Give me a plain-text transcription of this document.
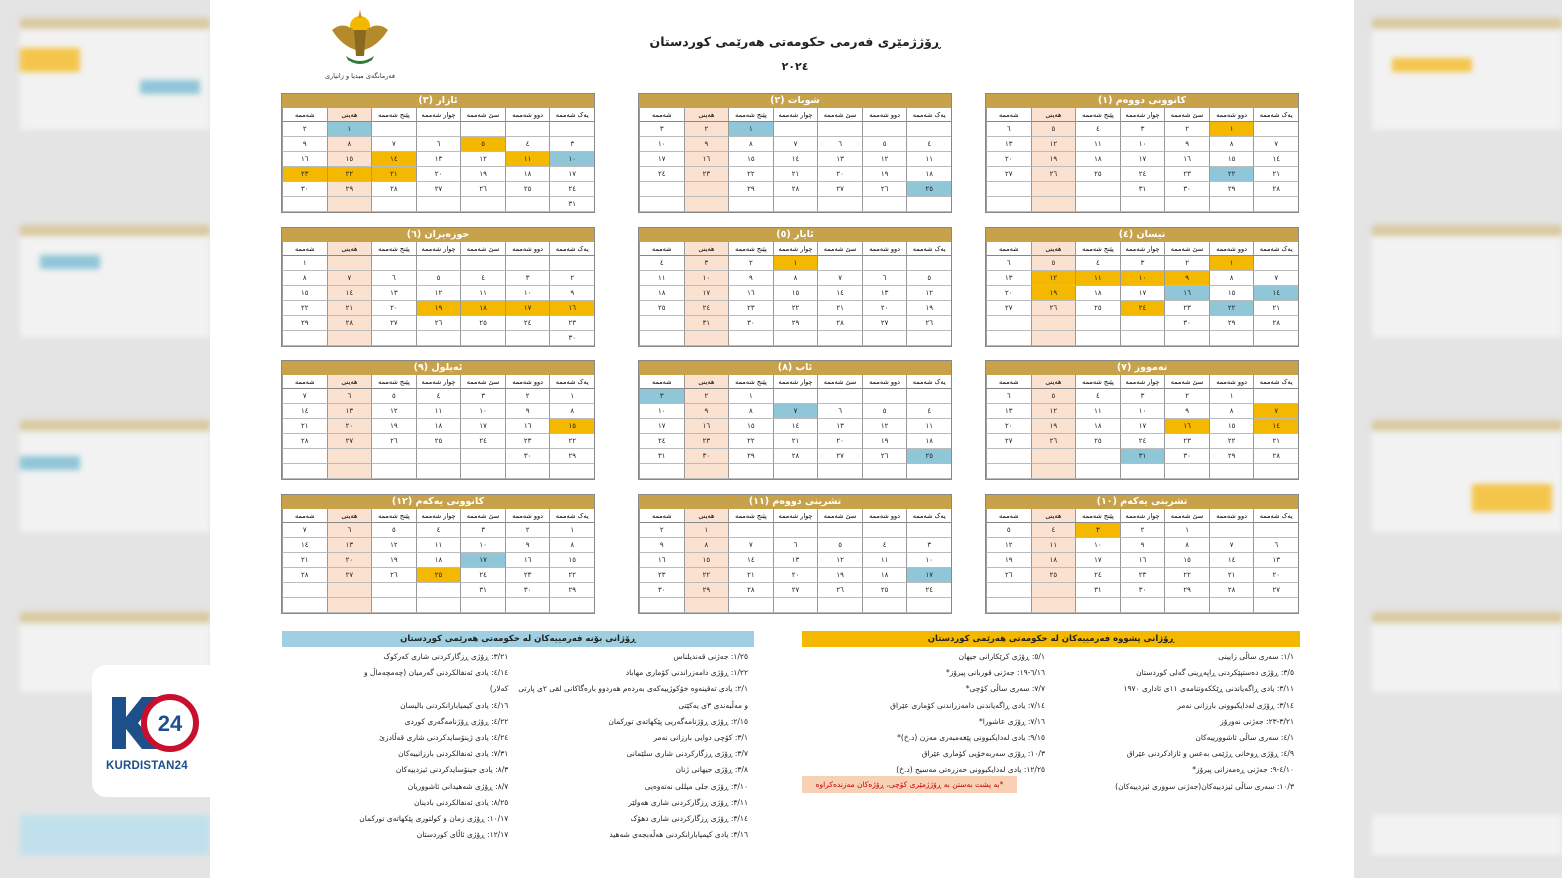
فەرمانگەی میدیا و زانیاری
ڕۆژژمێری فەرمی حکومەتی هەرێمی کوردستان
٢٠٢٤
کانوونی دووەم (١)
یەک شەممە
دوو شەممە
سێ شەممە
چوار شەممە
پێنج شەممە
هەینی
شەممە
١
٢
٣
٤
٥
٦
٧
٨
٩
١٠
١١
١٢
١٣
١٤
١٥
١٦
١٧
١٨
١٩
٢٠
٢١
٢٢
٢٣
٢٤
٢٥
٢٦
٢٧
٢٨
٢٩
٣٠
٣١
شوبات (٢)
یەک شەممە
دوو شەممە
سێ شەممە
چوار شەممە
پێنج شەممە
هەینی
شەممە
١
٢
٣
٤
٥
٦
٧
٨
٩
١٠
١١
١٢
١٣
١٤
١٥
١٦
١٧
١٨
١٩
٢٠
٢١
٢٢
٢٣
٢٤
٢٥
٢٦
٢٧
٢٨
٢٩
ئازار (٣)
یەک شەممە
دوو شەممە
سێ شەممە
چوار شەممە
پێنج شەممە
هەینی
شەممە
١
٢
٣
٤
٥
٦
٧
٨
٩
١٠
١١
١٢
١٣
١٤
١٥
١٦
١٧
١٨
١٩
٢٠
٢١
٢٢
٢٣
٢٤
٢٥
٢٦
٢٧
٢٨
٢٩
٣٠
٣١
نیسان (٤)
یەک شەممە
دوو شەممە
سێ شەممە
چوار شەممە
پێنج شەممە
هەینی
شەممە
١
٢
٣
٤
٥
٦
٧
٨
٩
١٠
١١
١٢
١٣
١٤
١٥
١٦
١٧
١٨
١٩
٢٠
٢١
٢٢
٢٣
٢٤
٢٥
٢٦
٢٧
٢٨
٢٩
٣٠
ئایار (٥)
یەک شەممە
دوو شەممە
سێ شەممە
چوار شەممە
پێنج شەممە
هەینی
شەممە
١
٢
٣
٤
٥
٦
٧
٨
٩
١٠
١١
١٢
١٣
١٤
١٥
١٦
١٧
١٨
١٩
٢٠
٢١
٢٢
٢٣
٢٤
٢٥
٢٦
٢٧
٢٨
٢٩
٣٠
٣١
حوزەیران (٦)
یەک شەممە
دوو شەممە
سێ شەممە
چوار شەممە
پێنج شەممە
هەینی
شەممە
١
٢
٣
٤
٥
٦
٧
٨
٩
١٠
١١
١٢
١٣
١٤
١٥
١٦
١٧
١٨
١٩
٢٠
٢١
٢٢
٢٣
٢٤
٢٥
٢٦
٢٧
٢٨
٢٩
٣٠
تەمووز (٧)
یەک شەممە
دوو شەممە
سێ شەممە
چوار شەممە
پێنج شەممە
هەینی
شەممە
١
٢
٣
٤
٥
٦
٧
٨
٩
١٠
١١
١٢
١٣
١٤
١٥
١٦
١٧
١٨
١٩
٢٠
٢١
٢٢
٢٣
٢٤
٢٥
٢٦
٢٧
٢٨
٢٩
٣٠
٣١
ئاب (٨)
یەک شەممە
دوو شەممە
سێ شەممە
چوار شەممە
پێنج شەممە
هەینی
شەممە
١
٢
٣
٤
٥
٦
٧
٨
٩
١٠
١١
١٢
١٣
١٤
١٥
١٦
١٧
١٨
١٩
٢٠
٢١
٢٢
٢٣
٢٤
٢٥
٢٦
٢٧
٢٨
٢٩
٣٠
٣١
ئەیلول (٩)
یەک شەممە
دوو شەممە
سێ شەممە
چوار شەممە
پێنج شەممە
هەینی
شەممە
١
٢
٣
٤
٥
٦
٧
٨
٩
١٠
١١
١٢
١٣
١٤
١٥
١٦
١٧
١٨
١٩
٢٠
٢١
٢٢
٢٣
٢٤
٢٥
٢٦
٢٧
٢٨
٢٩
٣٠
تشرینی یەکەم (١٠)
یەک شەممە
دوو شەممە
سێ شەممە
چوار شەممە
پێنج شەممە
هەینی
شەممە
١
٢
٣
٤
٥
٦
٧
٨
٩
١٠
١١
١٢
١٣
١٤
١٥
١٦
١٧
١٨
١٩
٢٠
٢١
٢٢
٢٣
٢٤
٢٥
٢٦
٢٧
٢٨
٢٩
٣٠
٣١
تشرینی دووەم (١١)
یەک شەممە
دوو شەممە
سێ شەممە
چوار شەممە
پێنج شەممە
هەینی
شەممە
١
٢
٣
٤
٥
٦
٧
٨
٩
١٠
١١
١٢
١٣
١٤
١٥
١٦
١٧
١٨
١٩
٢٠
٢١
٢٢
٢٣
٢٤
٢٥
٢٦
٢٧
٢٨
٢٩
٣٠
کانوونی یەکەم (١٢)
یەک شەممە
دوو شەممە
سێ شەممە
چوار شەممە
پێنج شەممە
هەینی
شەممە
١
٢
٣
٤
٥
٦
٧
٨
٩
١٠
١١
١٢
١٣
١٤
١٥
١٦
١٧
١٨
١٩
٢٠
٢١
٢٢
٢٣
٢٤
٢٥
٢٦
٢٧
٢٨
٢٩
٣٠
٣١
ڕۆژانی پشووە فەرمییەکان لە حکومەتی هەرێمی کوردستان
١/١: سەری ساڵی زایینی
٣/٥: ڕۆژی دەستپێکردنی ڕاپەڕینی گەلی کوردستان
٣/١١: یادی ڕاگەیاندنی ڕێککەوتنامەی ١١ی ئاداری ١٩٧٠
٣/١٤: ڕۆژی لەدایکبوونی بارزانی نەمر
٣/٢١-٢٣: جەژنی نەورۆز
٤/١: سەری ساڵی ئاشوورییەکان
٤/٩: ڕۆژی ڕوخانی ڕژێمی بەعس و ئازادکردنی عێراق
٤/١٠-٩: جەژنی ڕەمەزانی پیرۆز*
١٠/٣: سەری ساڵی ئیزدییەکان(جەژنی سووری ئیزدییەکان)
٥/١: ڕۆژی کرێکارانی جیهان
٦/١٦-١٩: جەژنی قوربانی پیرۆز*
٧/٧: سەری ساڵی کۆچی*
٧/١٤: یادی ڕاگەیاندنی دامەزراندنی کۆماری عێراق
٧/١٦: ڕۆژی عاشورا*
٩/١٥: یادی لەدایکبوونی پێغەمبەری مەزن (د.خ)*
١٠/٣: ڕۆژی سەربەخۆیی کۆماری عێراق
١٢/٢٥: یادی لەدایکبوونی حەزرەتی مەسیح (د.خ)
*بە پشت بەستن بە ڕۆژژمێری کۆچی، ڕۆژەکان مەزندەکراوە
ڕۆژانی بۆنە فەرمییەکان لە حکومەتی هەرێمی کوردستان
١/٢٥: جەژنی قەندیلناس
١/٢٢: ڕۆژی دامەزراندنی کۆماری مهاباد
٢/١: یادی تەقینەوە خۆکوژییەکەی بەردەم هەردوو بارەگاکانی لقی ٢ی پارتی
و مەڵبەندی ٣ی یەکێتی
٢/١٥: ڕۆژی ڕۆژنامەگەریی پێکهاتەی تورکمان
٣/١: کۆچی دوایی بارزانی نەمر
٣/٧: ڕۆژی ڕزگارکردنی شاری سلێمانی
٣/٨: ڕۆژی جیهانی ژنان
٣/١٠: ڕۆژی جلی میللی نەتەوەیی
٣/١١: ڕۆژی ڕزگارکردنی شاری هەولێر
٣/١٤: ڕۆژی ڕزگارکردنی شاری دهۆک
٣/١٦: یادی کیمیابارانکردنی هەڵەبجەی شەهید
٣/٢١: ڕۆژی ڕزگارکردنی شاری کەرکوک
٤/١٤: یادی ئەنفالکردنی گەرمیان (چەمچەماڵ و
کەلار)
٤/١٦: یادی کیمیابارانکردنی بالیسان
٤/٢٢: ڕۆژی ڕۆژنامەگەری کوردی
٤/٢٤: یادی ژینۆسایدکردنی شاری قەڵادزێ
٧/٣١: یادی ئەنفالکردنی بارزانییەکان
٨/٣: یادی جینۆسایدکردنی ئیزدییەکان
٨/٧: ڕۆژی شەهیدانی ئاشووریان
٨/٢٥: یادی ئەنفالکردنی بادینان
١٠/١٧: ڕۆژی زمان و کولتوری پێکهاتەی تورکمان
١٢/١٧: ڕۆژی ئاڵای کوردستان
24
KURDISTAN24
